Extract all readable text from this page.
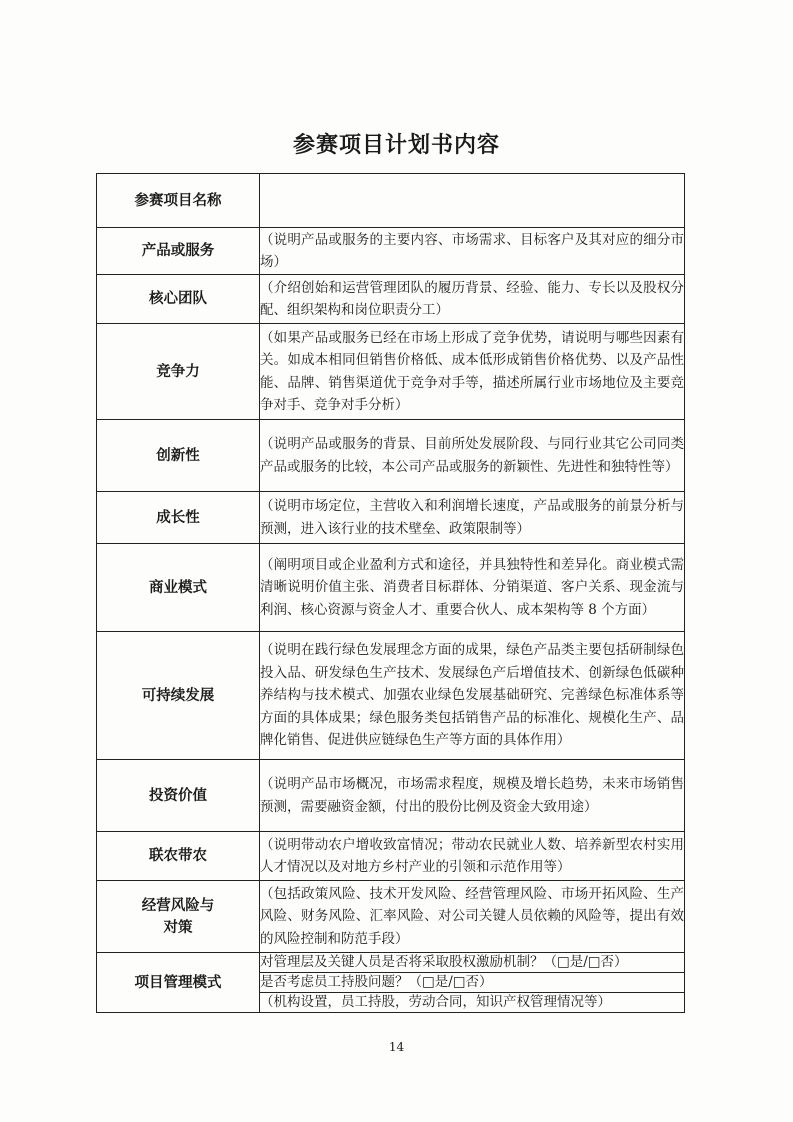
参赛项目计划书内容
参赛项目名称	
产品或服务	（说明产品或服务的主要内容、市场需求、目标客户及其对应的细分市场）
核心团队	（介绍创始和运营管理团队的履历背景、经验、能力、专长以及股权分配、组织架构和岗位职责分工）
竞争力	（如果产品或服务已经在市场上形成了竞争优势，请说明与哪些因素有关。如成本相同但销售价格低、成本低形成销售价格优势、以及产品性能、品牌、销售渠道优于竞争对手等，描述所属行业市场地位及主要竞争对手、竞争对手分析）
创新性	（说明产品或服务的背景、目前所处发展阶段、与同行业其它公司同类产品或服务的比较，本公司产品或服务的新颖性、先进性和独特性等）
成长性	（说明市场定位，主营收入和利润增长速度，产品或服务的前景分析与预测，进入该行业的技术壁垒、政策限制等）
商业模式	（阐明项目或企业盈利方式和途径，并具独特性和差异化。商业模式需清晰说明价值主张、消费者目标群体、分销渠道、客户关系、现金流与利润、核心资源与资金人才、重要合伙人、成本架构等 8 个方面）
可持续发展	（说明在践行绿色发展理念方面的成果，绿色产品类主要包括研制绿色投入品、研发绿色生产技术、发展绿色产后增值技术、创新绿色低碳种养结构与技术模式、加强农业绿色发展基础研究、完善绿色标准体系等方面的具体成果；绿色服务类包括销售产品的标准化、规模化生产、品牌化销售、促进供应链绿色生产等方面的具体作用）
投资价值	（说明产品市场概况，市场需求程度，规模及增长趋势，未来市场销售预测，需要融资金额，付出的股份比例及资金大致用途）
联农带农	（说明带动农户增收致富情况；带动农民就业人数、培养新型农村实用人才情况以及对地方乡村产业的引领和示范作用等）

经营风险与
对策	（包括政策风险、技术开发风险、经营管理风险、市场开拓风险、生产风险、财务风险、汇率风险、对公司关键人员依赖的风险等，提出有效的风险控制和防范手段）
项目管理模式	对管理层及关键人员是否将采取股权激励机制？（□是/□否）
	是否考虑员工持股问题？（□是/□否）
	（机构设置，员工持股，劳动合同，知识产权管理情况等）
14
